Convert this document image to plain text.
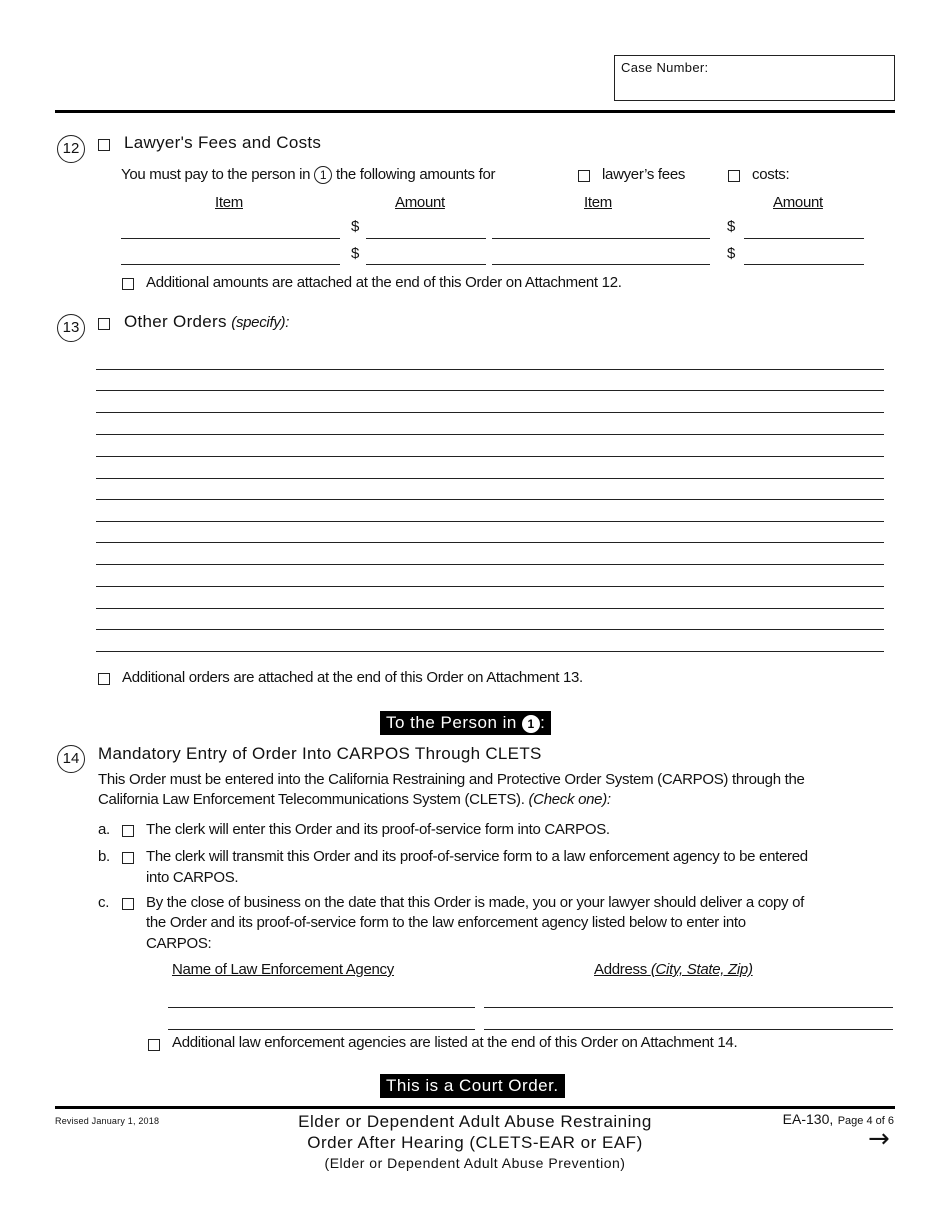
Case Number:
12	Lawyer's Fees and Costs
You must pay to the person in 1 the following amounts for	lawyer’s fees	costs:
Item	Amount	Item	Amount
$	$
$	$
Additional amounts are attached at the end of this Order on Attachment 12.
13	Other Orders (specify):
Additional orders are attached at the end of this Order on Attachment 13.
To the Person in 1 :
14	Mandatory Entry of Order Into CARPOS Through CLETS
This Order must be entered into the California Restraining and Protective Order System (CARPOS) through the
California Law Enforcement Telecommunications System (CLETS). (Check one):
a. The clerk will enter this Order and its proof-of-service form into CARPOS.
b. The clerk will transmit this Order and its proof-of-service form to a law enforcement agency to be entered
into CARPOS.
c. By the close of business on the date that this Order is made, you or your lawyer should deliver a copy of
the Order and its proof-of-service form to the law enforcement agency listed below to enter into
CARPOS:
Name of Law Enforcement Agency	Address (City, State, Zip)
Additional law enforcement agencies are listed at the end of this Order on Attachment 14.
This is a Court Order.
Revised January 1, 2018	Elder or Dependent Adult Abuse Restraining
Order After Hearing (CLETS-EAR or EAF)
(Elder or Dependent Adult Abuse Prevention)
EA-130, Page 4 of 6
→
